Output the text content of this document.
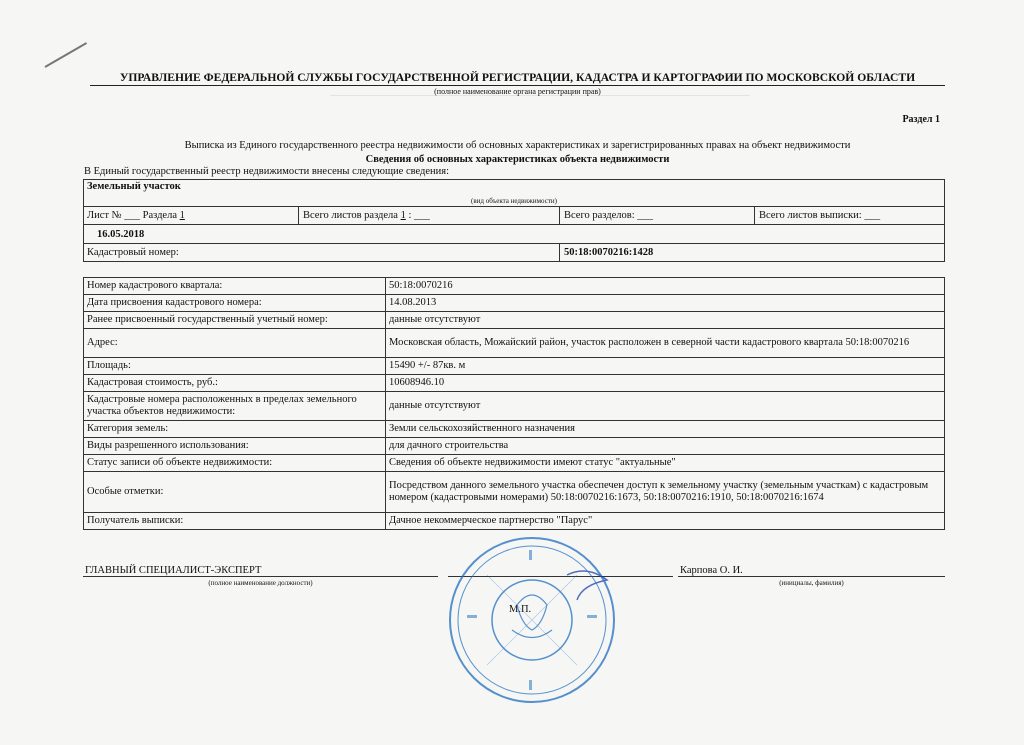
УПРАВЛЕНИЕ ФЕДЕРАЛЬНОЙ СЛУЖБЫ ГОСУДАРСТВЕННОЙ РЕГИСТРАЦИИ, КАДАСТРА И КАРТОГРАФИИ ПО МОСКОВСКОЙ ОБЛАСТИ
(полное наименование органа регистрации прав)
Раздел 1
Выписка из Единого государственного реестра недвижимости об основных характеристиках и зарегистрированных правах на объект недвижимости
Сведения об основных характеристиках объекта недвижимости
В Единый государственный реестр недвижимости внесены следующие сведения:
Земельный участок
(вид объекта недвижимости)
Лист № ___ Раздела 1	Всего листов раздела 1 : ___	Всего разделов: ___	Всего листов выписки: ___
16.05.2018
Кадастровый номер:	50:18:0070216:1428
Номер кадастрового квартала:	50:18:0070216
Дата присвоения кадастрового номера:	14.08.2013
Ранее присвоенный государственный учетный номер:	данные отсутствуют
Адрес:	Московская область, Можайский район, участок расположен в северной части кадастрового квартала 50:18:0070216
Площадь:	15490 +/- 87кв. м
Кадастровая стоимость, руб.:	10608946.10
Кадастровые номера расположенных в пределах земельного участка объектов недвижимости:	данные отсутствуют
Категория земель:	Земли сельскохозяйственного назначения
Виды разрешенного использования:	для дачного строительства
Статус записи об объекте недвижимости:	Сведения об объекте недвижимости имеют статус "актуальные"
Особые отметки:	Посредством данного земельного участка обеспечен доступ к земельному участку (земельным участкам) с кадастровым номером (кадастровыми номерами) 50:18:0070216:1673, 50:18:0070216:1910, 50:18:0070216:1674
Получатель выписки:	Дачное некоммерческое партнерство "Парус"
ГЛАВНЫЙ СПЕЦИАЛИСТ-ЭКСПЕРТ
(полное наименование должности)
Карпова О. И.
(инициалы, фамилия)
М.П.
